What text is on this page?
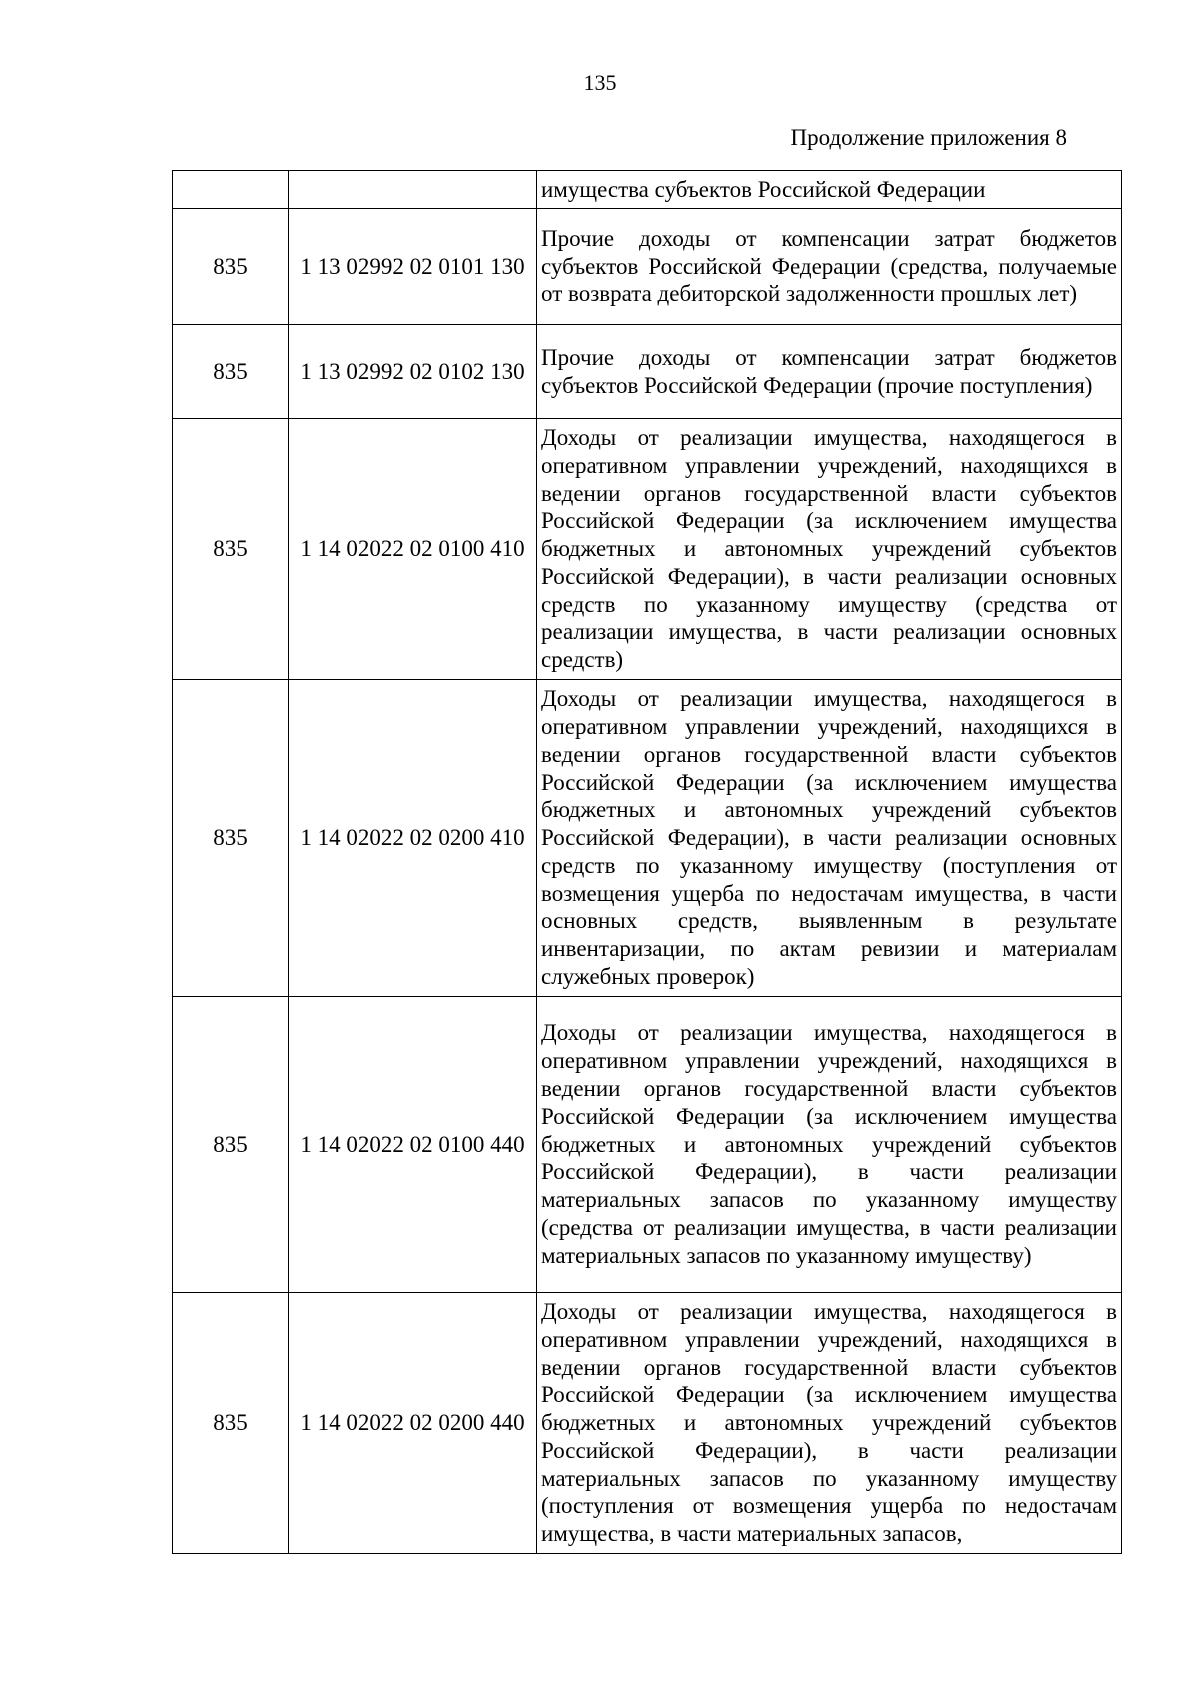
135
Продолжение приложения 8
		имущества субъектов Российской Федерации
835	1 13 02992 02 0101 130	Прочие доходы от компенсации затрат бюджетов субъектов Российской Федерации (средства, получаемые от возврата дебиторской задолженности прошлых лет)
835	1 13 02992 02 0102 130	Прочие доходы от компенсации затрат бюджетов субъектов Российской Федерации (прочие поступления)
835	1 14 02022 02 0100 410	Доходы от реализации имущества, находящегося в оперативном управлении учреждений, находящихся в ведении органов государственной власти субъектов Российской Федерации (за исключением имущества бюджетных и автономных учреждений субъектов Российской Федерации), в части реализации основных средств по указанному имуществу (средства от реализации имущества, в части реализации основных средств)
835	1 14 02022 02 0200 410	Доходы от реализации имущества, находящегося в оперативном управлении учреждений, находящихся в ведении органов государственной власти субъектов Российской Федерации (за исключением имущества бюджетных и автономных учреждений субъектов Российской Федерации), в части реализации основных средств по указанному имуществу (поступления от возмещения ущерба по недостачам имущества, в части основных средств, выявленным в результате инвентаризации, по актам ревизии и материалам служебных проверок)
835	1 14 02022 02 0100 440	Доходы от реализации имущества, находящегося в оперативном управлении учреждений, находящихся в ведении органов государственной власти субъектов Российской Федерации (за исключением имущества бюджетных и автономных учреждений субъектов Российской Федерации), в части реализации материальных запасов по указанному имуществу (средства от реализации имущества, в части реализации материальных запасов по указанному имуществу)
835	1 14 02022 02 0200 440	Доходы от реализации имущества, находящегося в оперативном управлении учреждений, находящихся в ведении органов государственной власти субъектов Российской Федерации (за исключением имущества бюджетных и автономных учреждений субъектов Российской Федерации), в части реализации материальных запасов по указанному имуществу (поступления от возмещения ущерба по недостачам имущества, в части материальных запасов,
